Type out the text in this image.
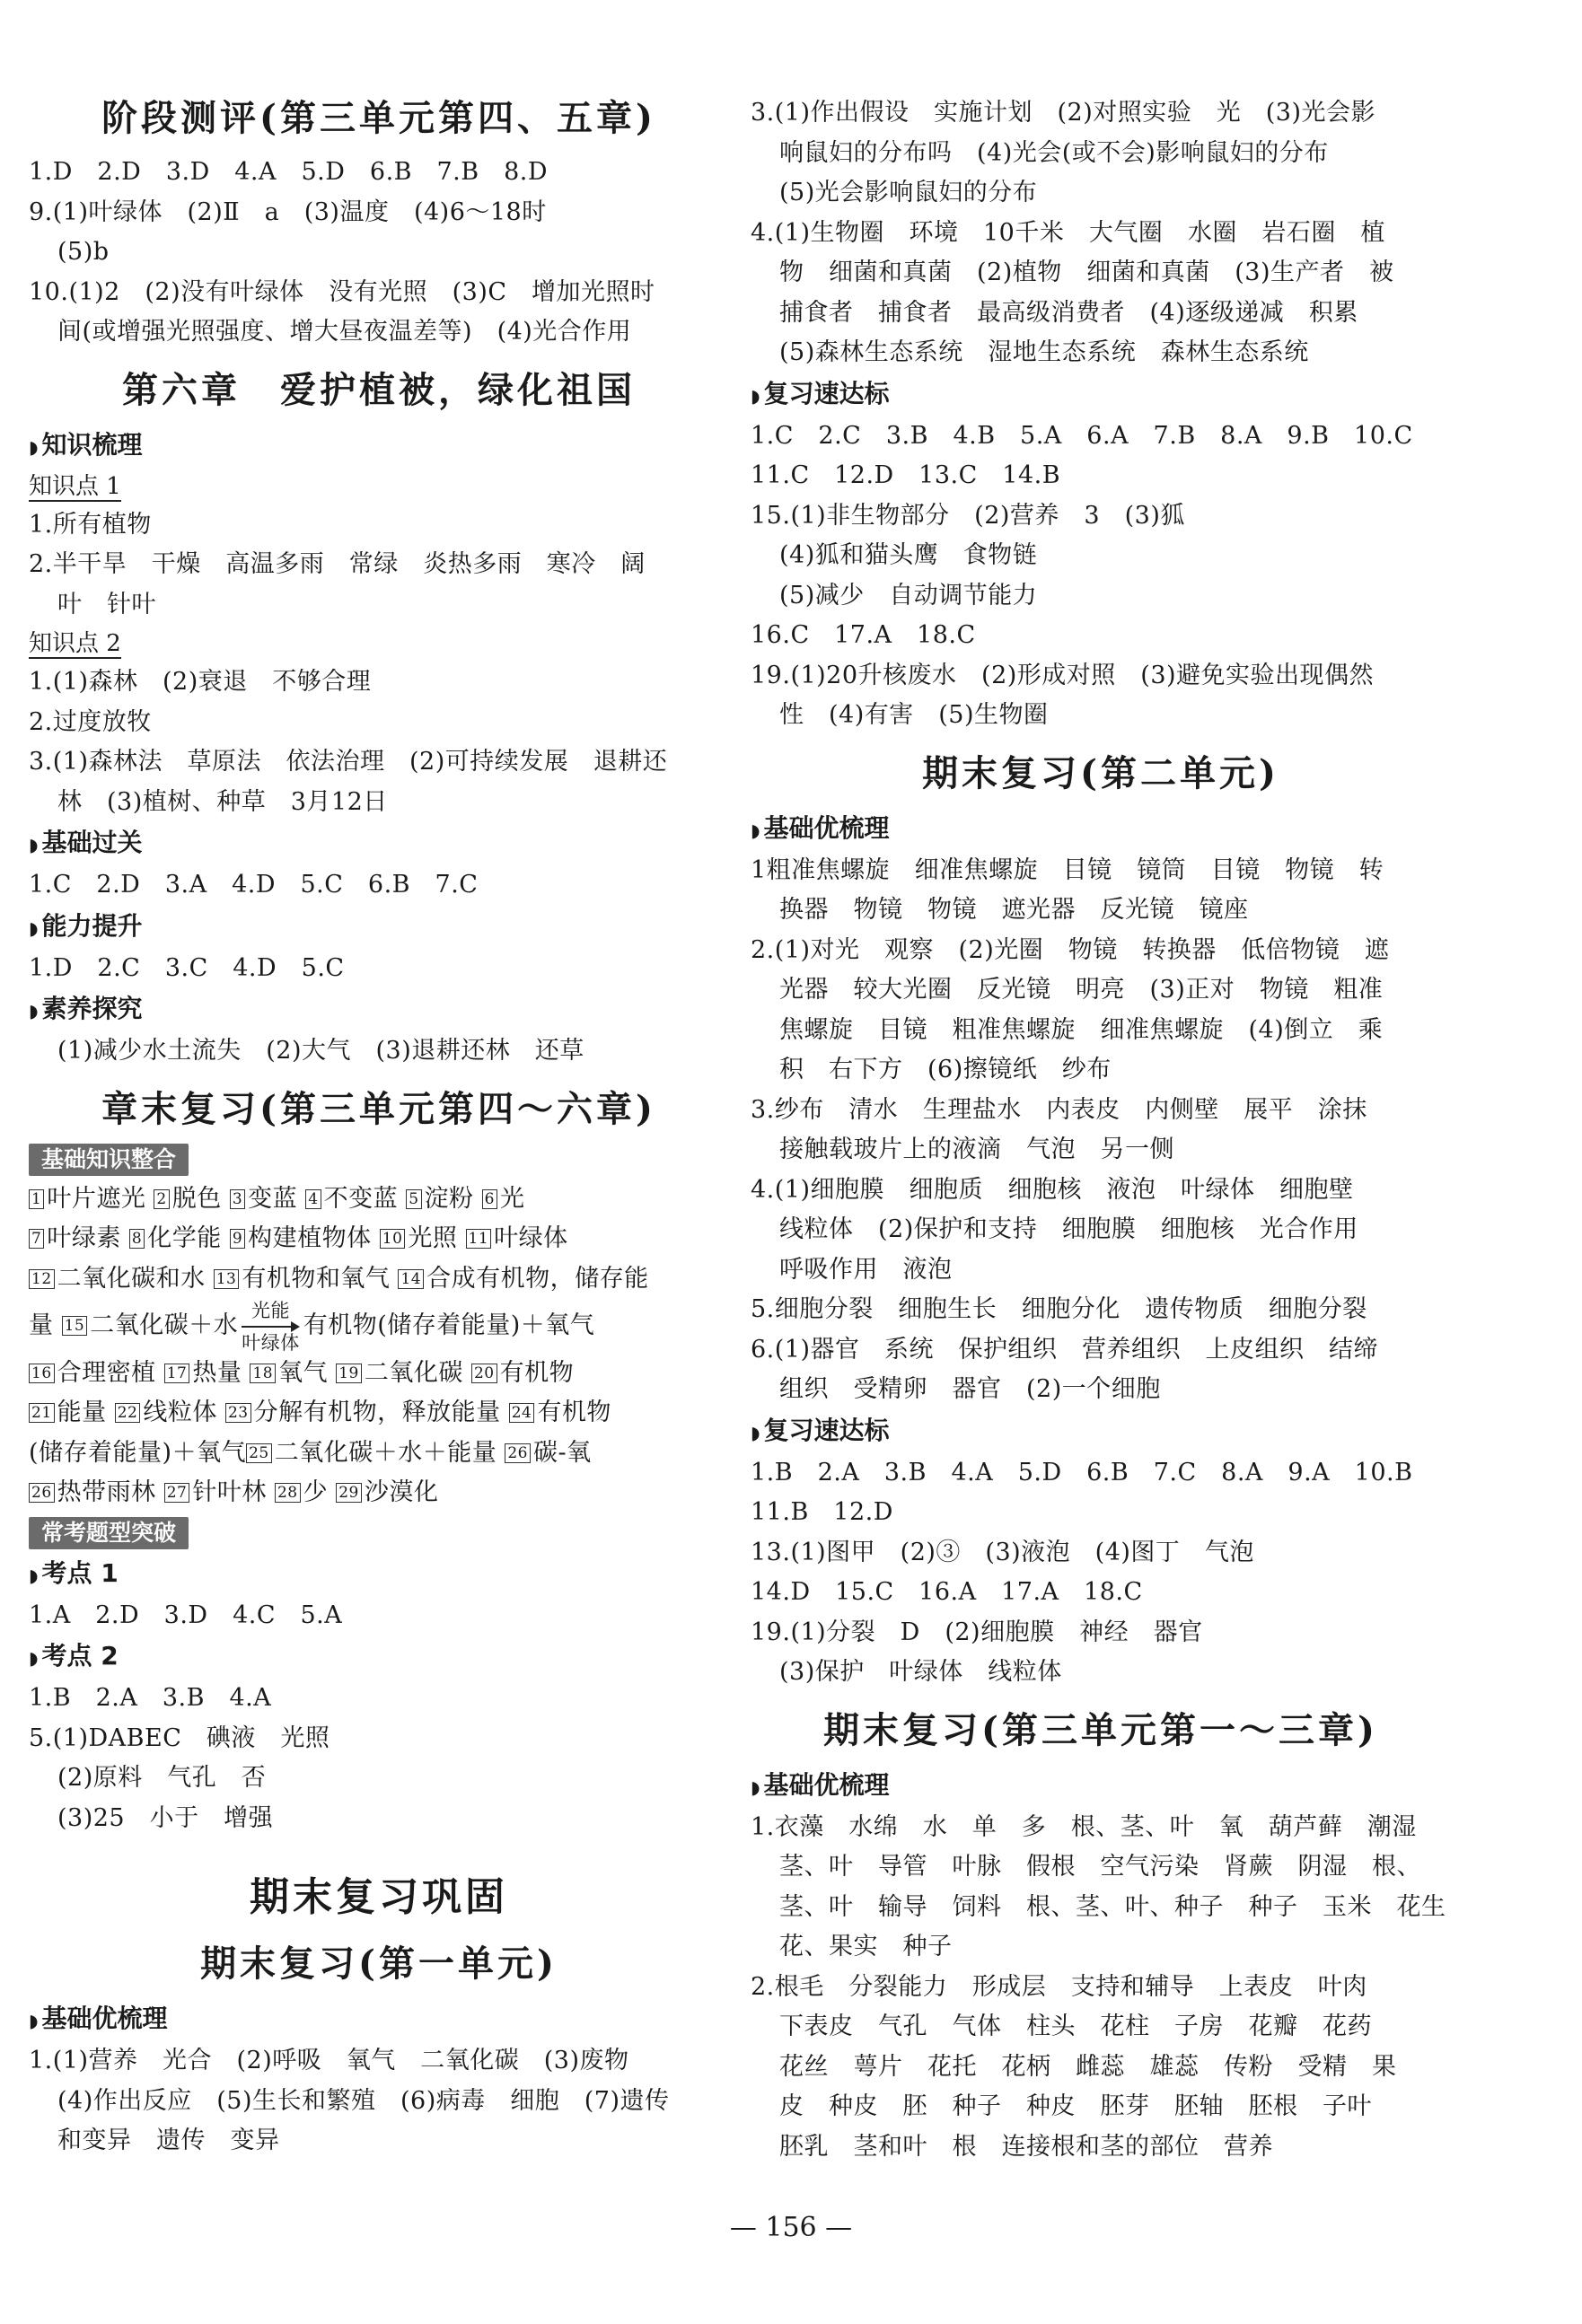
阶段测评(第三单元第四、五章)
1.D　2.D　3.D　4.A　5.D　6.B　7.B　8.D
9.(1)叶绿体　(2)Ⅱ　a　(3)温度　(4)6～18时
(5)b
10.(1)2　(2)没有叶绿体　没有光照　(3)C　增加光照时
间(或增强光照强度、增大昼夜温差等)　(4)光合作用
第六章　爱护植被，绿化祖国
◗ 知识梳理
知识点 1
1.所有植物
2.半干旱　干燥　高温多雨　常绿　炎热多雨　寒冷　阔
叶　针叶
知识点 2
1.(1)森林　(2)衰退　不够合理
2.过度放牧
3.(1)森林法　草原法　依法治理　(2)可持续发展　退耕还
林　(3)植树、种草　3月12日
◗ 基础过关
1.C　2.D　3.A　4.D　5.C　6.B　7.C
◗ 能力提升
1.D　2.C　3.C　4.D　5.C
◗ 素养探究
(1)减少水土流失　(2)大气　(3)退耕还林　还草
章末复习(第三单元第四～六章)
基础知识整合
1 叶片遮光 2 脱色 3 变蓝 4 不变蓝 5 淀粉 6 光
7 叶绿素 8 化学能 9 构建植物体 10 光照 11 叶绿体
12 二氧化碳和水 13 有机物和氧气 14 合成有机物，储存能
量 15 二氧化碳＋水
光能
叶绿体
有机物(储存着能量)＋氧气
16 合理密植 17 热量 18 氧气 19 二氧化碳 20 有机物
21 能量 22 线粒体 23 分解有机物，释放能量 24 有机物
(储存着能量)＋氧气 25 二氧化碳＋水＋能量 26 碳-氧
26 热带雨林 27 针叶林 28 少 29 沙漠化
常考题型突破
◗ 考点 1
1.A　2.D　3.D　4.C　5.A
◗ 考点 2
1.B　2.A　3.B　4.A
5.(1)DABEC　碘液　光照
(2)原料　气孔　否
(3)25　小于　增强
期末复习巩固
期末复习(第一单元)
◗ 基础优梳理
1.(1)营养　光合　(2)呼吸　氧气　二氧化碳　(3)废物
(4)作出反应　(5)生长和繁殖　(6)病毒　细胞　(7)遗传
和变异　遗传　变异
3.(1)作出假设　实施计划　(2)对照实验　光　(3)光会影
响鼠妇的分布吗　(4)光会(或不会)影响鼠妇的分布
(5)光会影响鼠妇的分布
4.(1)生物圈　环境　10千米　大气圈　水圈　岩石圈　植
物　细菌和真菌　(2)植物　细菌和真菌　(3)生产者　被
捕食者　捕食者　最高级消费者　(4)逐级递减　积累
(5)森林生态系统　湿地生态系统　森林生态系统
◗ 复习速达标
1.C　2.C　3.B　4.B　5.A　6.A　7.B　8.A　9.B　10.C
11.C　12.D　13.C　14.B
15.(1)非生物部分　(2)营养　3　(3)狐
(4)狐和猫头鹰　食物链
(5)减少　自动调节能力
16.C　17.A　18.C
19.(1)20升核废水　(2)形成对照　(3)避免实验出现偶然
性　(4)有害　(5)生物圈
期末复习(第二单元)
◗ 基础优梳理
1粗准焦螺旋　细准焦螺旋　目镜　镜筒　目镜　物镜　转
换器　物镜　物镜　遮光器　反光镜　镜座
2.(1)对光　观察　(2)光圈　物镜　转换器　低倍物镜　遮
光器　较大光圈　反光镜　明亮　(3)正对　物镜　粗准
焦螺旋　目镜　粗准焦螺旋　细准焦螺旋　(4)倒立　乘
积　右下方　(6)擦镜纸　纱布
3.纱布　清水　生理盐水　内表皮　内侧壁　展平　涂抹
接触载玻片上的液滴　气泡　另一侧
4.(1)细胞膜　细胞质　细胞核　液泡　叶绿体　细胞壁
线粒体　(2)保护和支持　细胞膜　细胞核　光合作用
呼吸作用　液泡
5.细胞分裂　细胞生长　细胞分化　遗传物质　细胞分裂
6.(1)器官　系统　保护组织　营养组织　上皮组织　结缔
组织　受精卵　器官　(2)一个细胞
◗ 复习速达标
1.B　2.A　3.B　4.A　5.D　6.B　7.C　8.A　9.A　10.B
11.B　12.D
13.(1)图甲　(2)③　(3)液泡　(4)图丁　气泡
14.D　15.C　16.A　17.A　18.C
19.(1)分裂　D　(2)细胞膜　神经　器官
(3)保护　叶绿体　线粒体
期末复习(第三单元第一～三章)
◗ 基础优梳理
1.衣藻　水绵　水　单　多　根、茎、叶　氧　葫芦藓　潮湿
茎、叶　导管　叶脉　假根　空气污染　肾蕨　阴湿　根、
茎、叶　输导　饲料　根、茎、叶、种子　种子　玉米　花生
花、果实　种子
2.根毛　分裂能力　形成层　支持和辅导　上表皮　叶肉
下表皮　气孔　气体　柱头　花柱　子房　花瓣　花药
花丝　萼片　花托　花柄　雌蕊　雄蕊　传粉　受精　果
皮　种皮　胚　种子　种皮　胚芽　胚轴　胚根　子叶
胚乳　茎和叶　根　连接根和茎的部位　营养
— 156 —
